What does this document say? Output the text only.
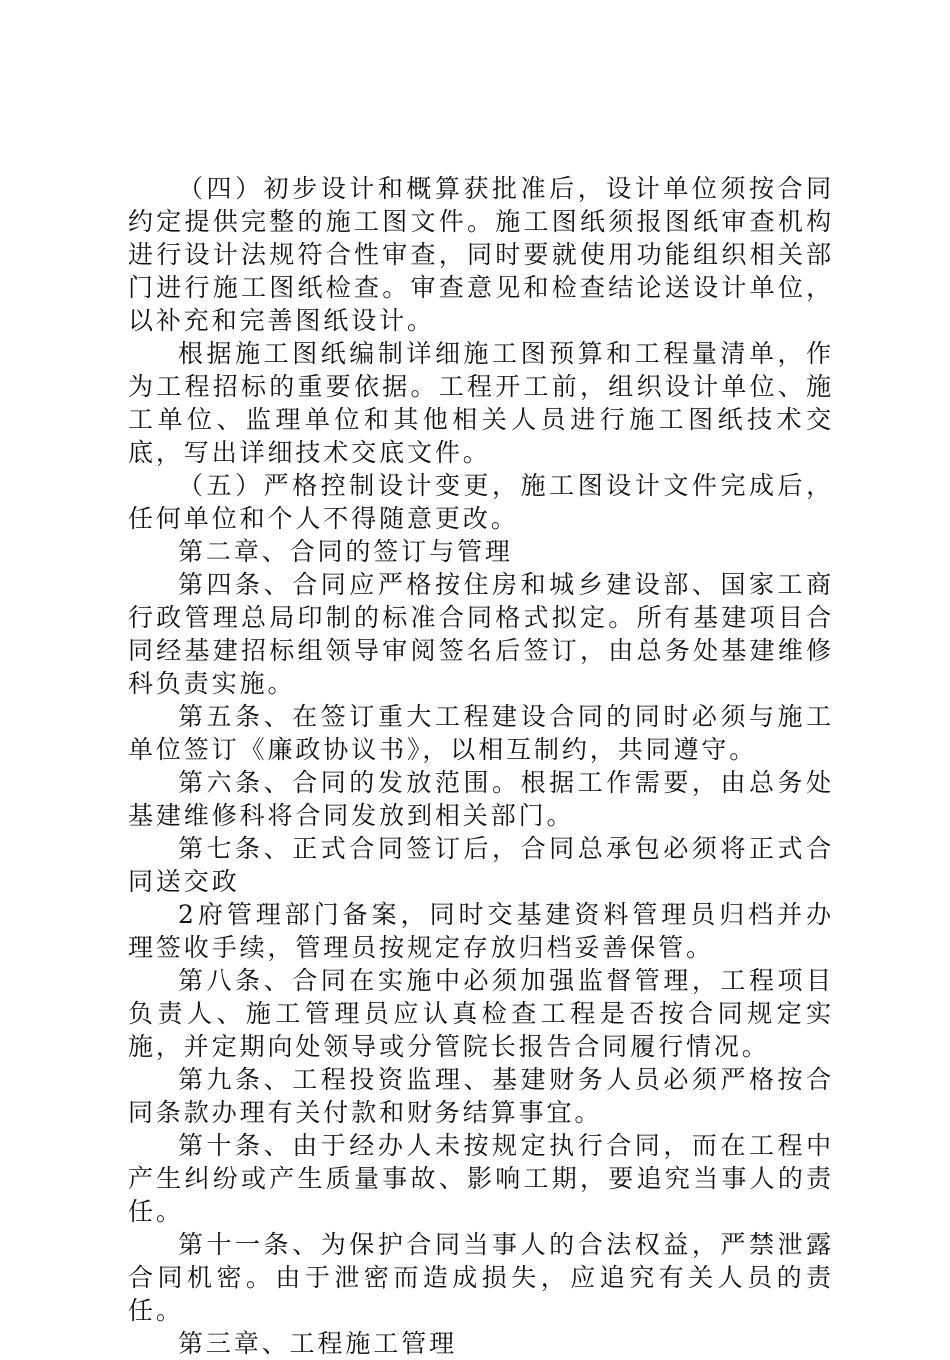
（四）初步设计和概算获批准后，设计单位须按合同约定提供完整的施工图文件。施工图纸须报图纸审查机构进行设计法规符合性审查，同时要就使用功能组织相关部门进行施工图纸检查。审查意见和检查结论送设计单位，以补充和完善图纸设计。

根据施工图纸编制详细施工图预算和工程量清单，作为工程招标的重要依据。工程开工前，组织设计单位、施工单位、监理单位和其他相关人员进行施工图纸技术交底，写出详细技术交底文件。

（五）严格控制设计变更，施工图设计文件完成后，任何单位和个人不得随意更改。

第二章、合同的签订与管理

第四条、合同应严格按住房和城乡建设部、国家工商行政管理总局印制的标准合同格式拟定。所有基建项目合同经基建招标组领导审阅签名后签订，由总务处基建维修科负责实施。

第五条、在签订重大工程建设合同的同时必须与施工单位签订《廉政协议书》，以相互制约，共同遵守。

第六条、合同的发放范围。根据工作需要，由总务处基建维修科将合同发放到相关部门。

第七条、正式合同签订后，合同总承包必须将正式合同送交政

2府管理部门备案，同时交基建资料管理员归档并办理签收手续，管理员按规定存放归档妥善保管。

第八条、合同在实施中必须加强监督管理，工程项目负责人、施工管理员应认真检查工程是否按合同规定实施，并定期向处领导或分管院长报告合同履行情况。

第九条、工程投资监理、基建财务人员必须严格按合同条款办理有关付款和财务结算事宜。

第十条、由于经办人未按规定执行合同，而在工程中产生纠纷或产生质量事故、影响工期，要追究当事人的责任。

第十一条、为保护合同当事人的合法权益，严禁泄露合同机密。由于泄密而造成损失，应追究有关人员的责任。

第三章、工程施工管理
